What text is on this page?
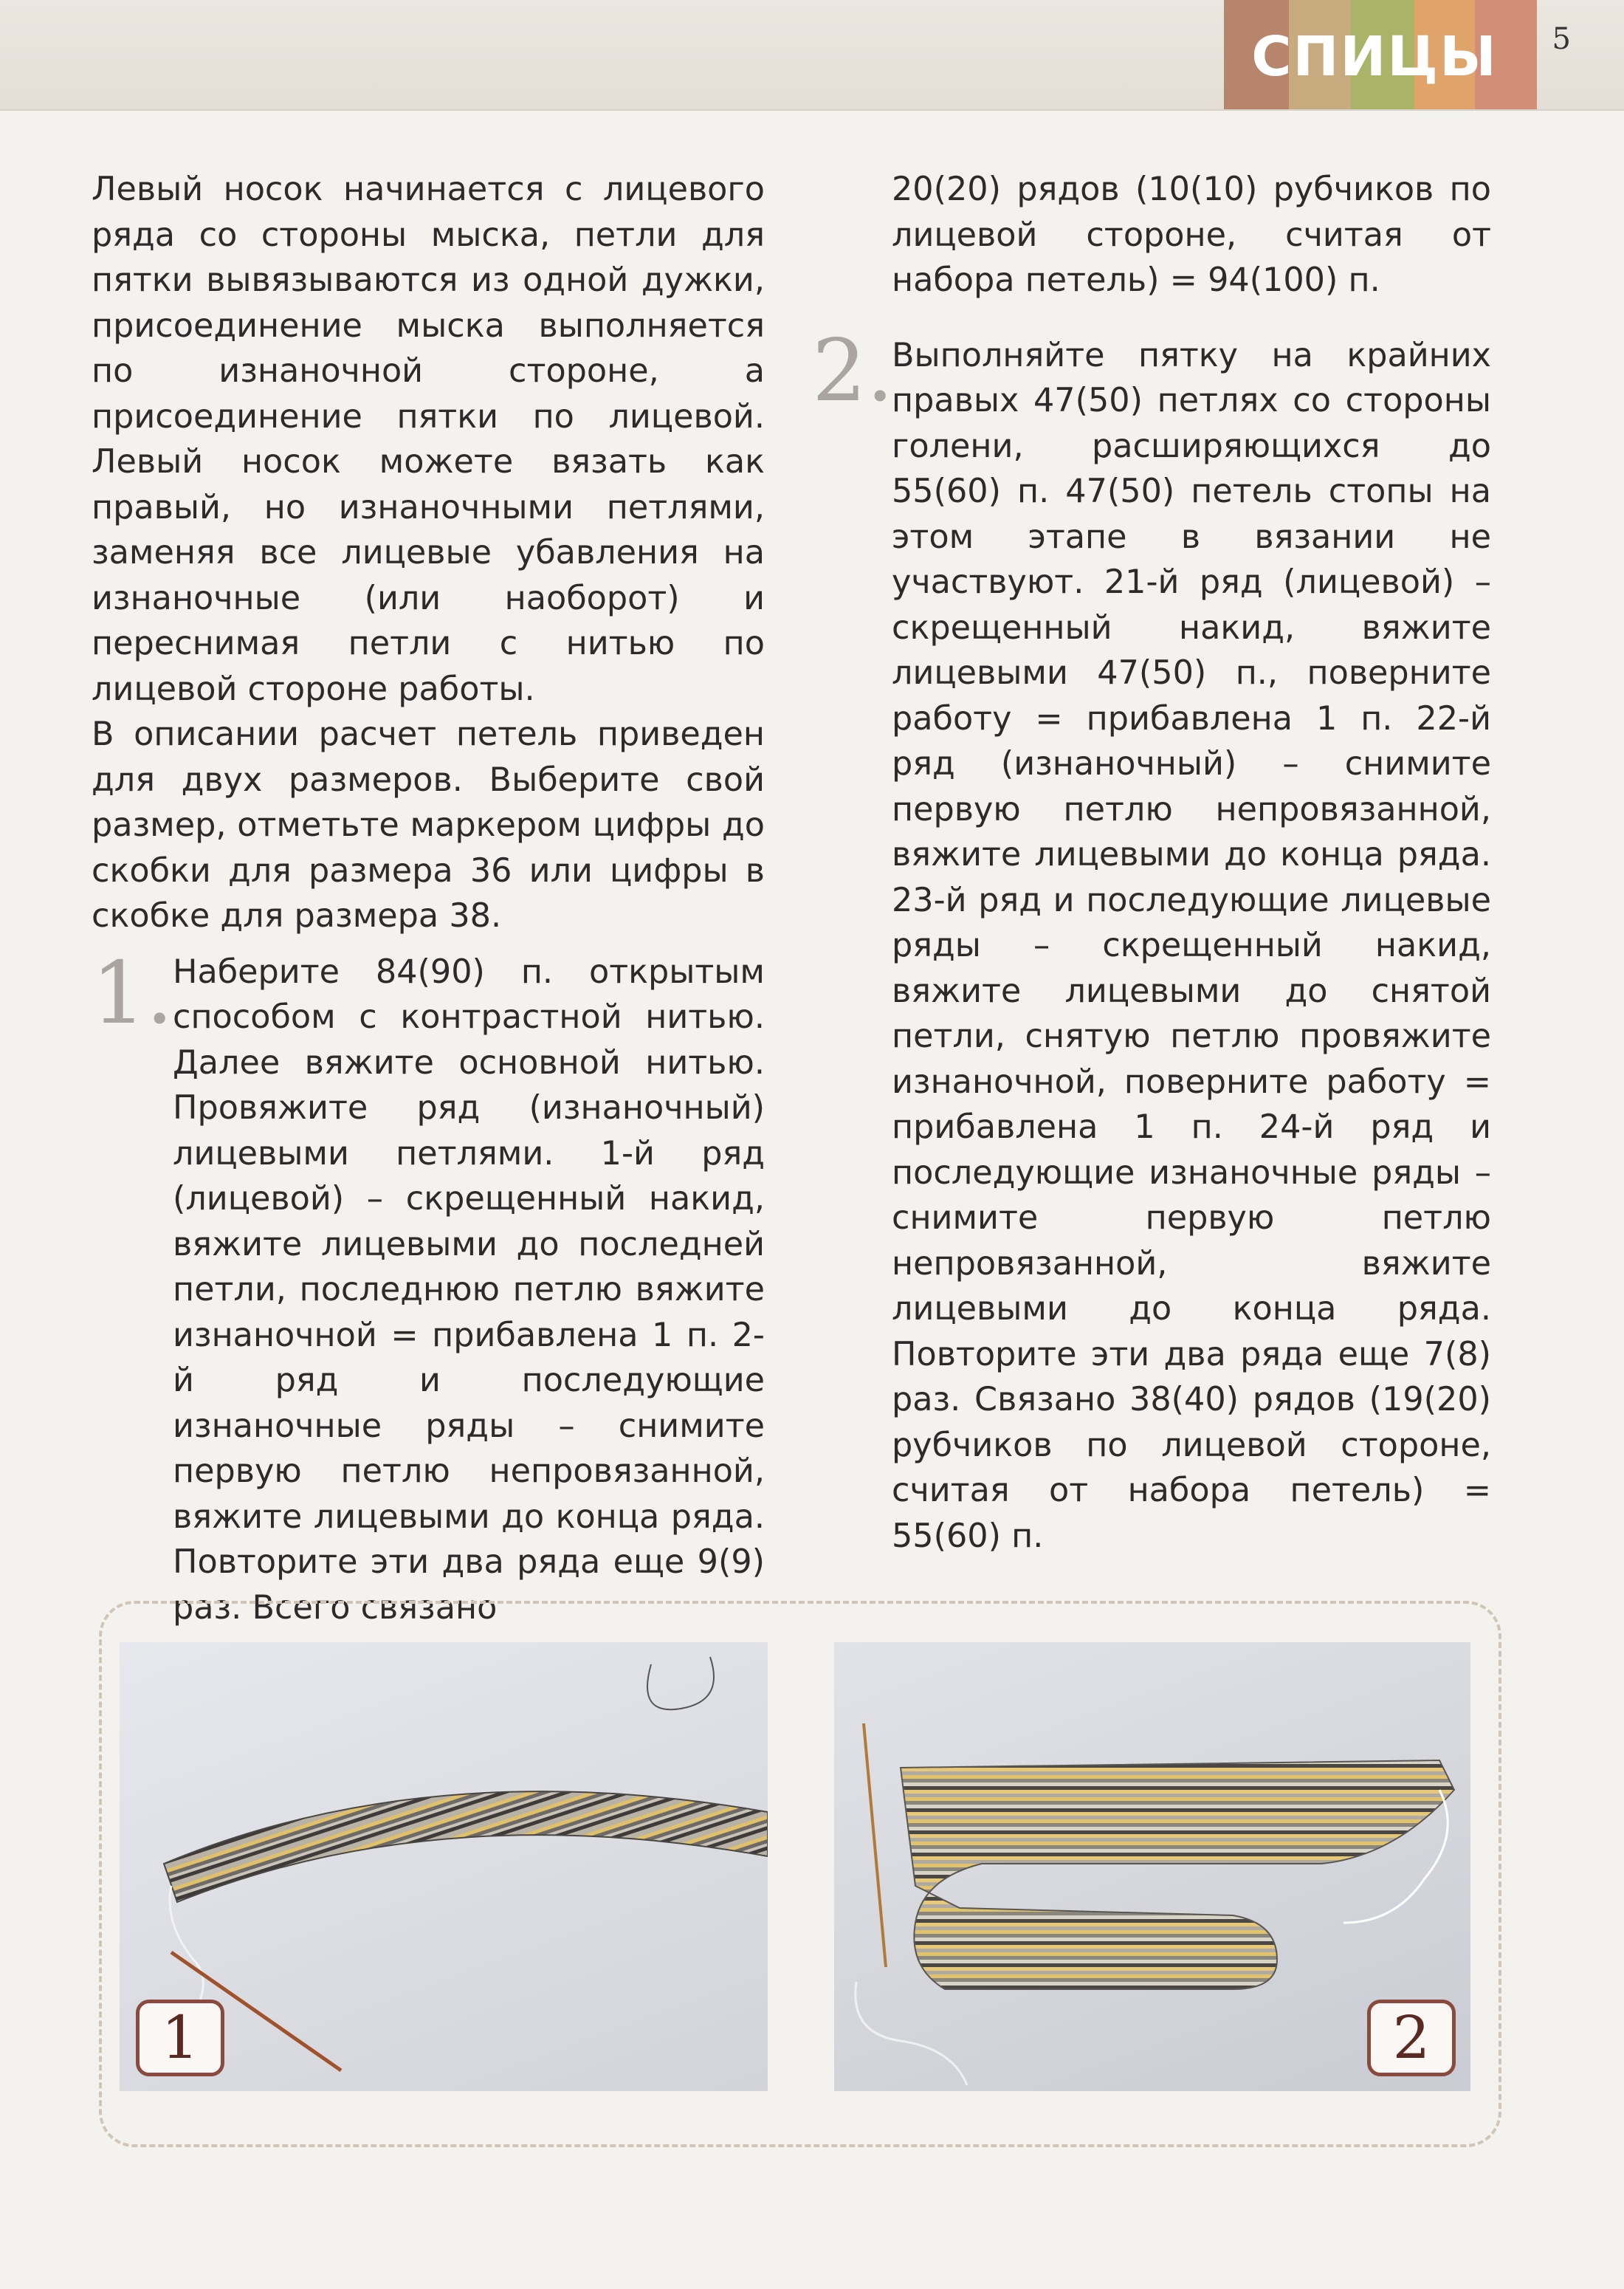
СПИЦЫ	5

Левый носок начинается с лицевого ряда со стороны мыска, петли для пятки вывязываются из одной дужки, присоединение мыска выполняется по изнаночной стороне, а присоединение пятки по лицевой. Левый носок можете вязать как правый, но изнаночными петлями, заменяя все лицевые убавления на изнаночные (или наоборот) и переснимая петли с нитью по лицевой стороне работы.

В описании расчет петель приведен для двух размеров. Выберите свой размер, отметьте маркером цифры до скобки для размера 36 или цифры в скобке для размера 38.

1. Наберите 84(90) п. открытым способом с контрастной нитью. Далее вяжите основной нитью. Провяжите ряд (изнаночный) лицевыми петлями. 1-й ряд (лицевой) – скрещенный накид, вяжите лицевыми до последней петли, последнюю петлю вяжите изнаночной = прибавлена 1 п. 2-й ряд и последующие изнаночные ряды – снимите первую петлю непровязанной, вяжите лицевыми до конца ряда. Повторите эти два ряда еще 9(9) раз. Всего связано

20(20) рядов (10(10) рубчиков по лицевой стороне, считая от набора петель) = 94(100) п.

2.

Выполняйте пятку на крайних правых 47(50) петлях со стороны голени, расширяющихся до 55(60) п. 47(50) петель стопы на этом этапе в вязании не участвуют. 21-й ряд (лицевой) – скрещенный накид, вяжите лицевыми 47(50) п., поверните работу = прибавлена 1 п. 22-й ряд (изнаночный) – снимите первую петлю непровязанной, вяжите лицевыми до конца ряда. 23-й ряд и последующие лицевые ряды – скрещенный накид, вяжите лицевыми до снятой петли, снятую петлю провяжите изнаночной, поверните работу = прибавлена 1 п. 24-й ряд и последующие изнаночные ряды – снимите первую петлю непровязанной, вяжите лицевыми до конца ряда. Повторите эти два ряда еще 7(8) раз. Связано 38(40) рядов (19(20) рубчиков по лицевой стороне, считая от набора петель) = 55(60) п.

1	2
